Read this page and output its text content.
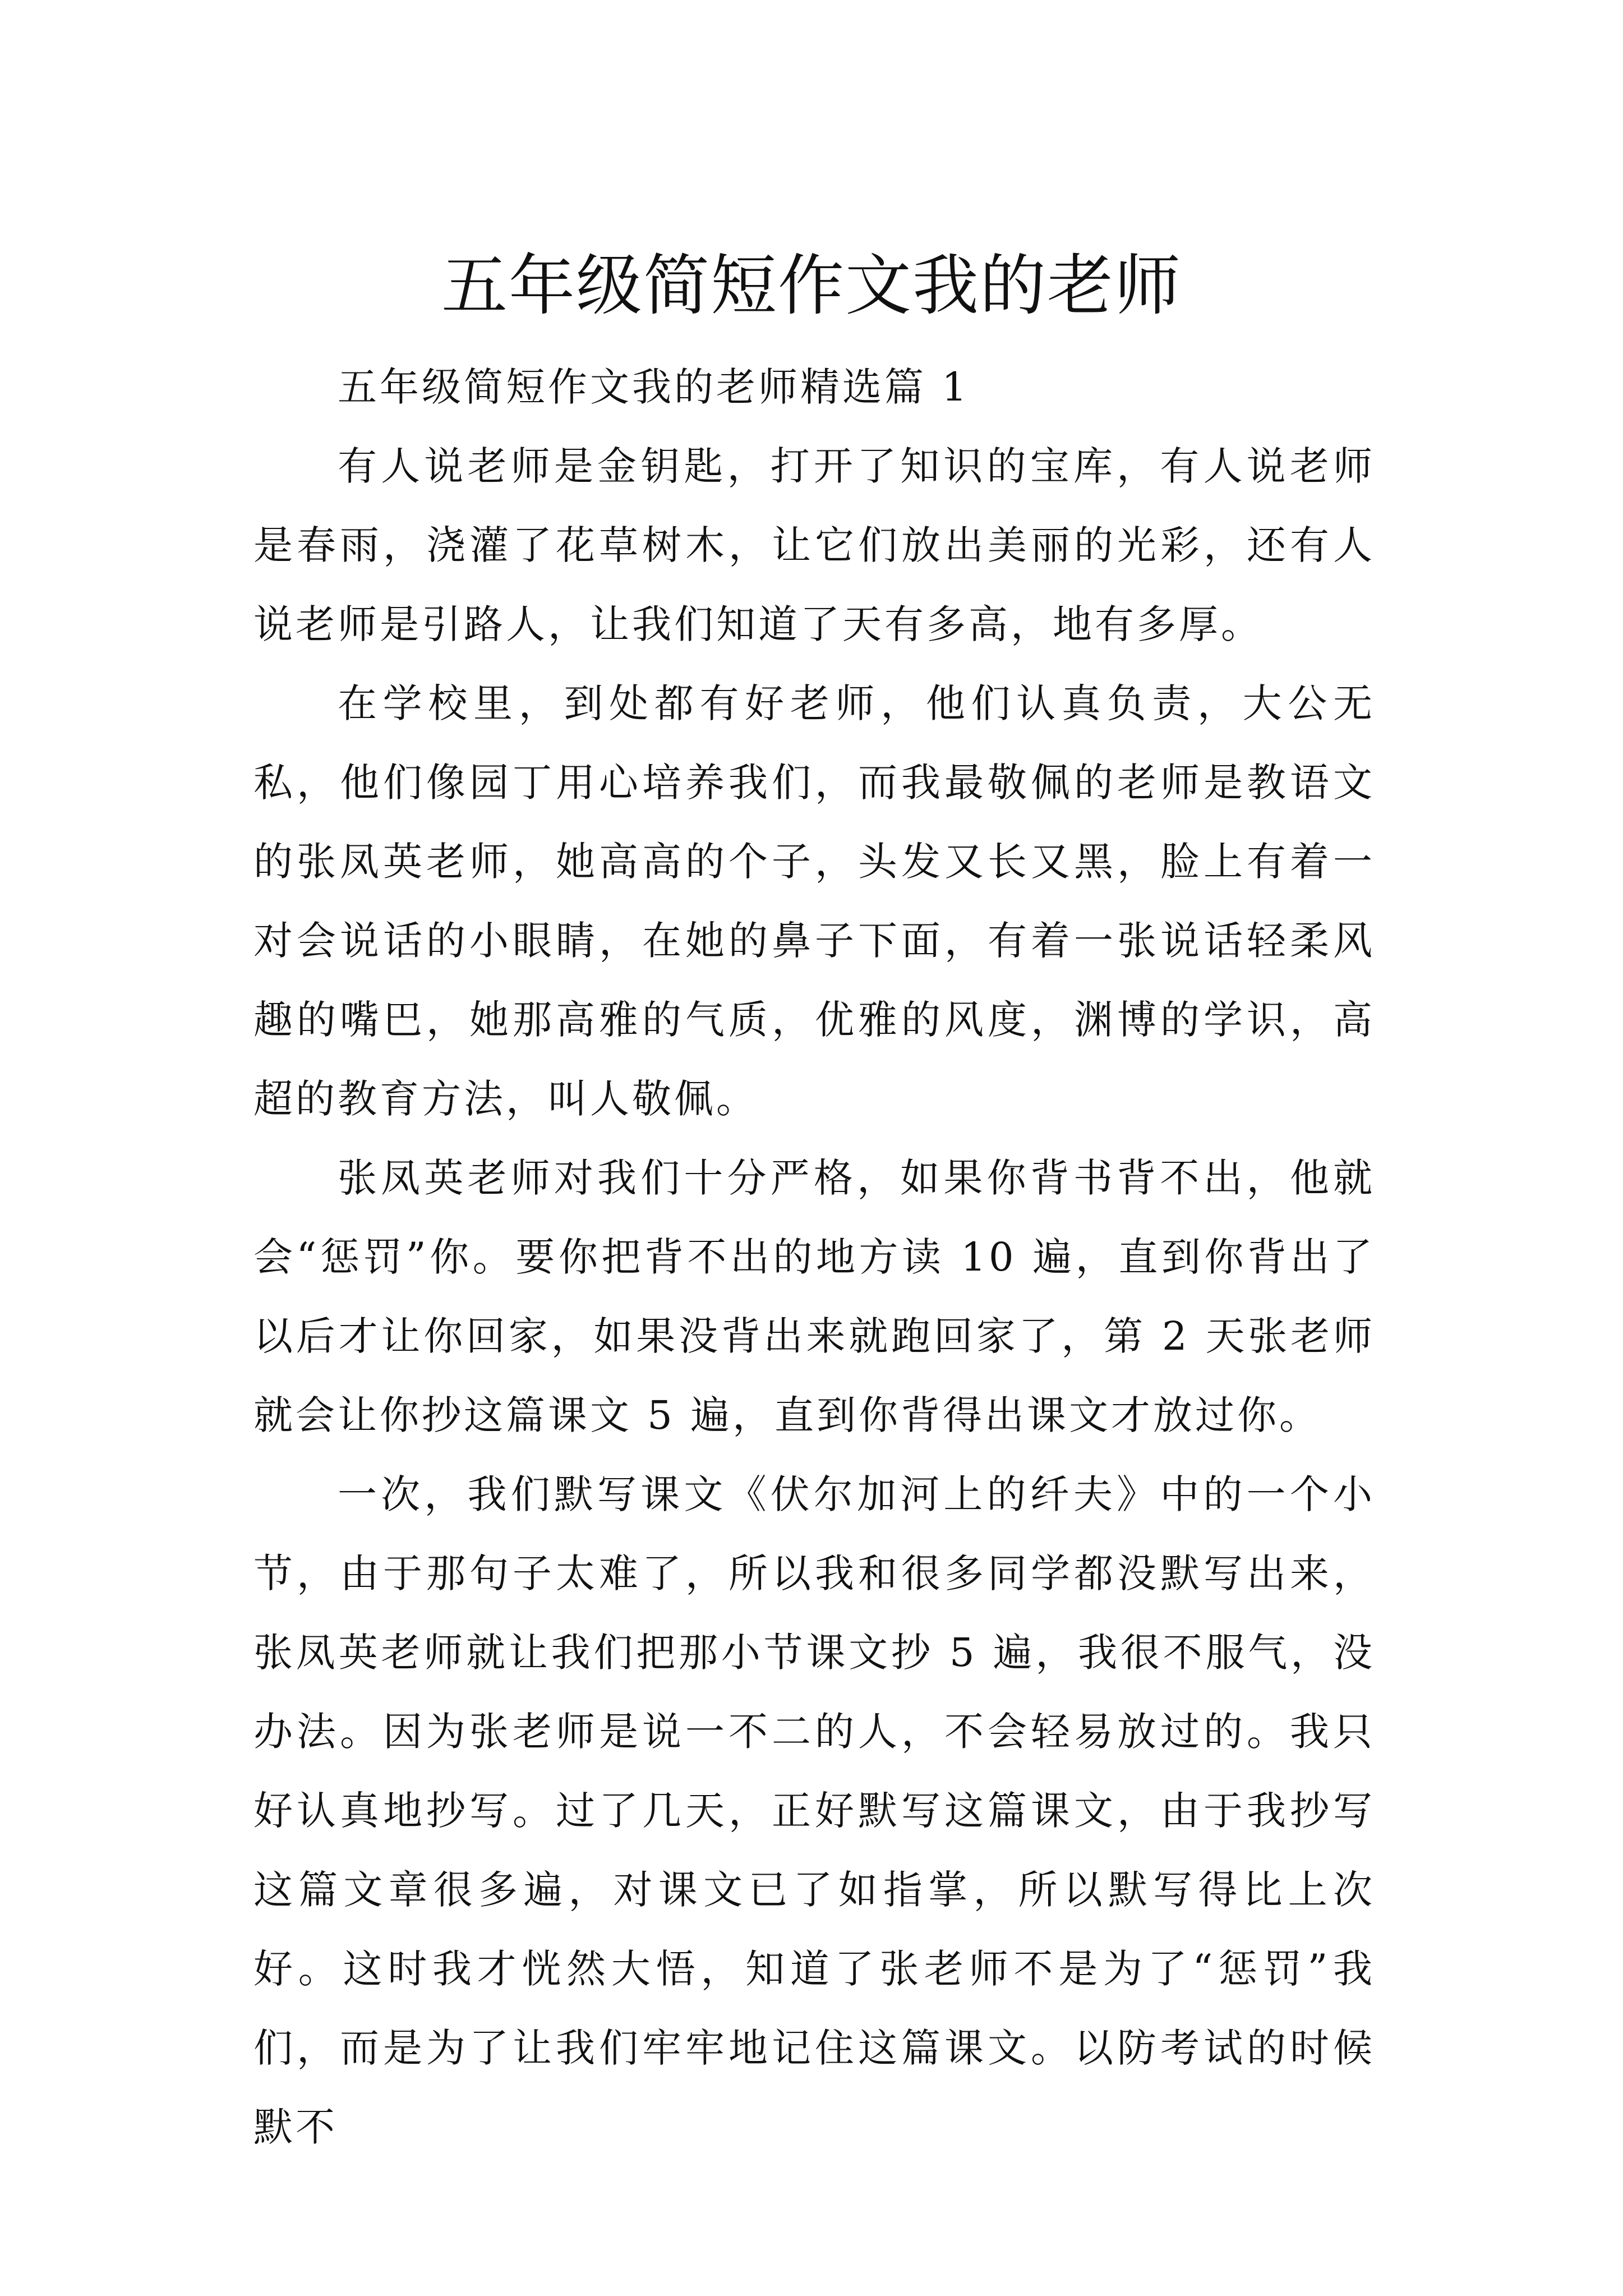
五年级简短作文我的老师

五年级简短作文我的老师精选篇 1

有人说老师是金钥匙，打开了知识的宝库，有人说老师是春雨，浇灌了花草树木，让它们放出美丽的光彩，还有人说老师是引路人，让我们知道了天有多高，地有多厚。

在学校里，到处都有好老师，他们认真负责，大公无私，他们像园丁用心培养我们，而我最敬佩的老师是教语文的张凤英老师，她高高的个子，头发又长又黑，脸上有着一对会说话的小眼睛，在她的鼻子下面，有着一张说话轻柔风趣的嘴巴，她那高雅的气质，优雅的风度，渊博的学识，高超的教育方法，叫人敬佩。

张凤英老师对我们十分严格，如果你背书背不出，他就会“惩罚”你。要你把背不出的地方读 10 遍，直到你背出了以后才让你回家，如果没背出来就跑回家了，第 2 天张老师就会让你抄这篇课文 5 遍，直到你背得出课文才放过你。

一次，我们默写课文《伏尔加河上的纤夫》中的一个小节，由于那句子太难了，所以我和很多同学都没默写出来，张凤英老师就让我们把那小节课文抄 5 遍，我很不服气，没办法。因为张老师是说一不二的人，不会轻易放过的。我只好认真地抄写。过了几天，正好默写这篇课文，由于我抄写这篇文章很多遍，对课文已了如指掌，所以默写得比上次好。这时我才恍然大悟，知道了张老师不是为了“惩罚”我们，而是为了让我们牢牢地记住这篇课文。以防考试的时候默不
